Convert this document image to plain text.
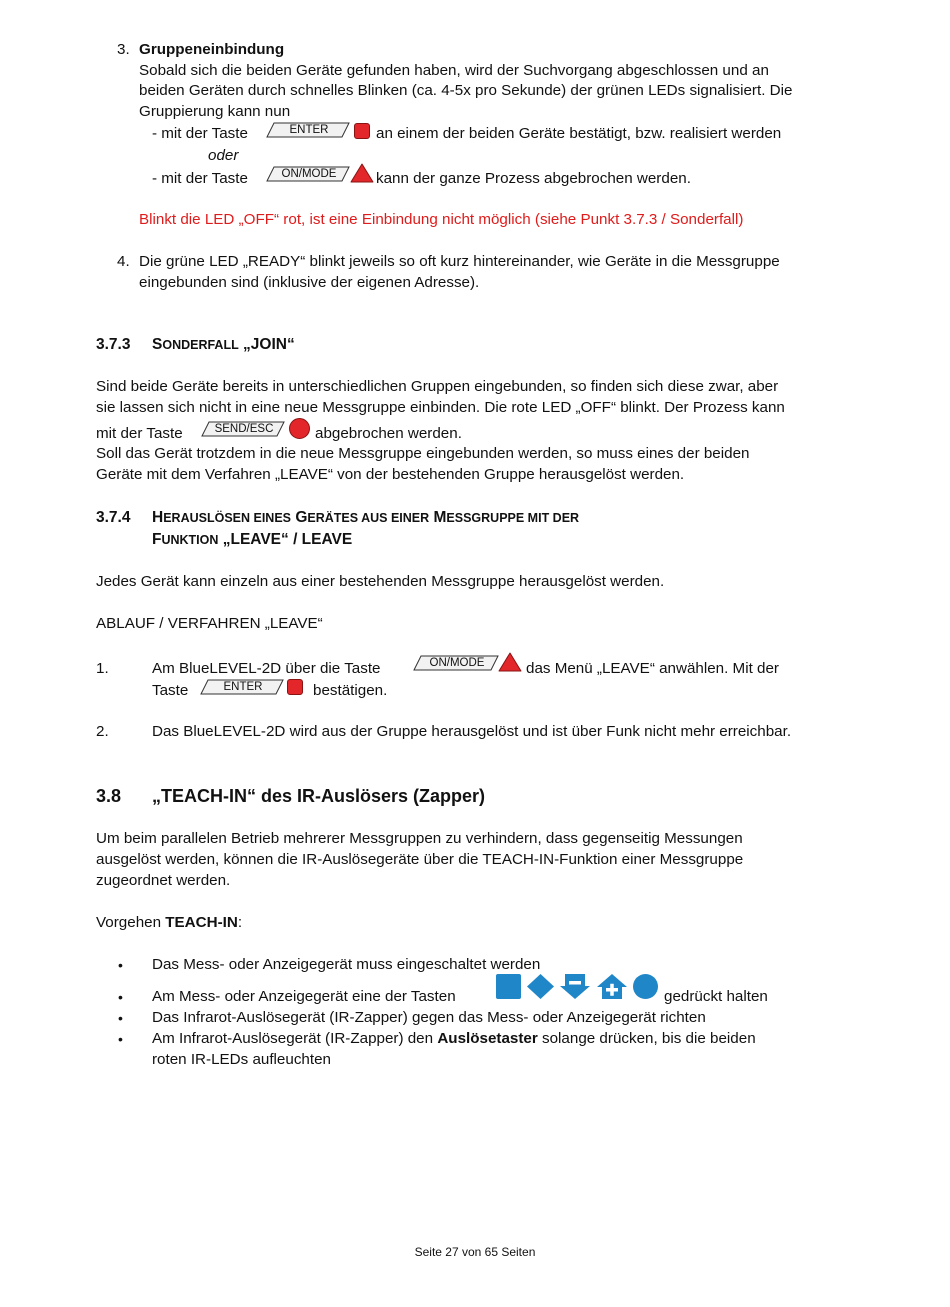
3. Gruppeneinbindung
Sobald sich die beiden Geräte gefunden haben, wird der Suchvorgang abgeschlossen und an
beiden Geräten durch schnelles Blinken (ca. 4-5x pro Sekunde) der grünen LEDs signalisiert. Die
Gruppierung kann nun
- mit der Taste	ENTER	an einem der beiden Geräte bestätigt, bzw. realisiert werden
oder
- mit der Taste	ON/MODE	kann der ganze Prozess abgebrochen werden.
Blinkt die LED „OFF“ rot, ist eine Einbindung nicht möglich (siehe Punkt 3.7.3 / Sonderfall)
4. Die grüne LED „READY“ blinkt jeweils so oft kurz hintereinander, wie Geräte in die Messgruppe
eingebunden sind (inklusive der eigenen Adresse).
3.7.3 SONDERFALL „JOIN“
Sind beide Geräte bereits in unterschiedlichen Gruppen eingebunden, so finden sich diese zwar, aber
sie lassen sich nicht in eine neue Messgruppe einbinden. Die rote LED „OFF“ blinkt. Der Prozess kann
mit der Taste	SEND/ESC	abgebrochen werden.
Soll das Gerät trotzdem in die neue Messgruppe eingebunden werden, so muss eines der beiden
Geräte mit dem Verfahren „LEAVE“ von der bestehenden Gruppe herausgelöst werden.
3.7.4 HERAUSLÖSEN EINES GERÄTES AUS EINER MESSGRUPPE MIT DER
FUNKTION „LEAVE“ / LEAVE
Jedes Gerät kann einzeln aus einer bestehenden Messgruppe herausgelöst werden.
ABLAUF / VERFAHREN „LEAVE“
1.	Am BlueLEVEL-2D über die Taste	ON/MODE	das Menü „LEAVE“ anwählen. Mit der
Taste	ENTER	bestätigen.
2.	Das BlueLEVEL-2D wird aus der Gruppe herausgelöst und ist über Funk nicht mehr erreichbar.
3.8 „TEACH-IN“ des IR-Auslösers (Zapper)
Um beim parallelen Betrieb mehrerer Messgruppen zu verhindern, dass gegenseitig Messungen
ausgelöst werden, können die IR-Auslösegeräte über die TEACH-IN-Funktion einer Messgruppe
zugeordnet werden.
Vorgehen TEACH-IN:
• Das Mess- oder Anzeigegerät muss eingeschaltet werden
• Am Mess- oder Anzeigegerät eine der Tasten	gedrückt halten
• Das Infrarot-Auslösegerät (IR-Zapper) gegen das Mess- oder Anzeigegerät richten
• Am Infrarot-Auslösegerät (IR-Zapper) den Auslösetaster solange drücken, bis die beiden
roten IR-LEDs aufleuchten
Seite 27 von 65 Seiten
